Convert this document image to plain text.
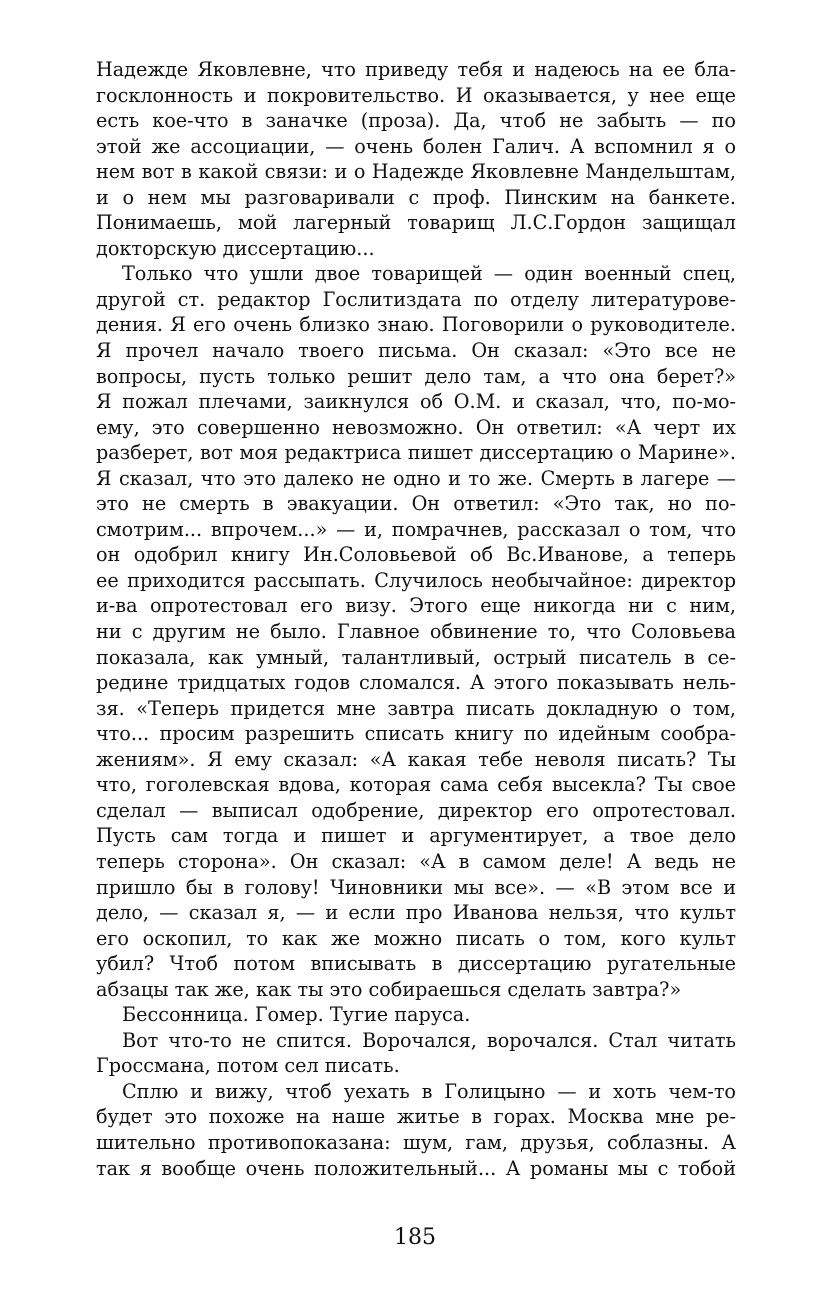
Надежде Яковлевне, что приведу тебя и надеюсь на ее бла-
госклонность и покровительство. И оказывается, у нее еще
есть кое-что в заначке (проза). Да, чтоб не забыть — по
этой же ассоциации, — очень болен Галич. А вспомнил я о
нем вот в какой связи: и о Надежде Яковлевне Мандельштам,
и о нем мы разговаривали с проф. Пинским на банкете.
Понимаешь, мой лагерный товарищ Л.С.Гордон защищал
докторскую диссертацию...
Только что ушли двое товарищей — один военный спец,
другой ст. редактор Гослитиздата по отделу литературове-
дения. Я его очень близко знаю. Поговорили о руководителе.
Я прочел начало твоего письма. Он сказал: «Это все не
вопросы, пусть только решит дело там, а что она берет?»
Я пожал плечами, заикнулся об О.М. и сказал, что, по-мо-
ему, это совершенно невозможно. Он ответил: «А черт их
разберет, вот моя редактриса пишет диссертацию о Марине».
Я сказал, что это далеко не одно и то же. Смерть в лагере —
это не смерть в эвакуации. Он ответил: «Это так, но по-
смотрим... впрочем...» — и, помрачнев, рассказал о том, что
он одобрил книгу Ин.Соловьевой об Вс.Иванове, а теперь
ее приходится рассыпать. Случилось необычайное: директор
и-ва опротестовал его визу. Этого еще никогда ни с ним,
ни с другим не было. Главное обвинение то, что Соловьева
показала, как умный, талантливый, острый писатель в се-
редине тридцатых годов сломался. А этого показывать нель-
зя. «Теперь придется мне завтра писать докладную о том,
что... просим разрешить списать книгу по идейным сообра-
жениям». Я ему сказал: «А какая тебе неволя писать? Ты
что, гоголевская вдова, которая сама себя высекла? Ты свое
сделал — выписал одобрение, директор его опротестовал.
Пусть сам тогда и пишет и аргументирует, а твое дело
теперь сторона». Он сказал: «А в самом деле! А ведь не
пришло бы в голову! Чиновники мы все». — «В этом все и
дело, — сказал я, — и если про Иванова нельзя, что культ
его оскопил, то как же можно писать о том, кого культ
убил? Чтоб потом вписывать в диссертацию ругательные
абзацы так же, как ты это собираешься сделать завтра?»
Бессонница. Гомер. Тугие паруса.
Вот что-то не спится. Ворочался, ворочался. Стал читать
Гроссмана, потом сел писать.
Сплю и вижу, чтоб уехать в Голицыно — и хоть чем-то
будет это похоже на наше житье в горах. Москва мне ре-
шительно противопоказана: шум, гам, друзья, соблазны. А
так я вообще очень положительный... А романы мы с тобой
185
